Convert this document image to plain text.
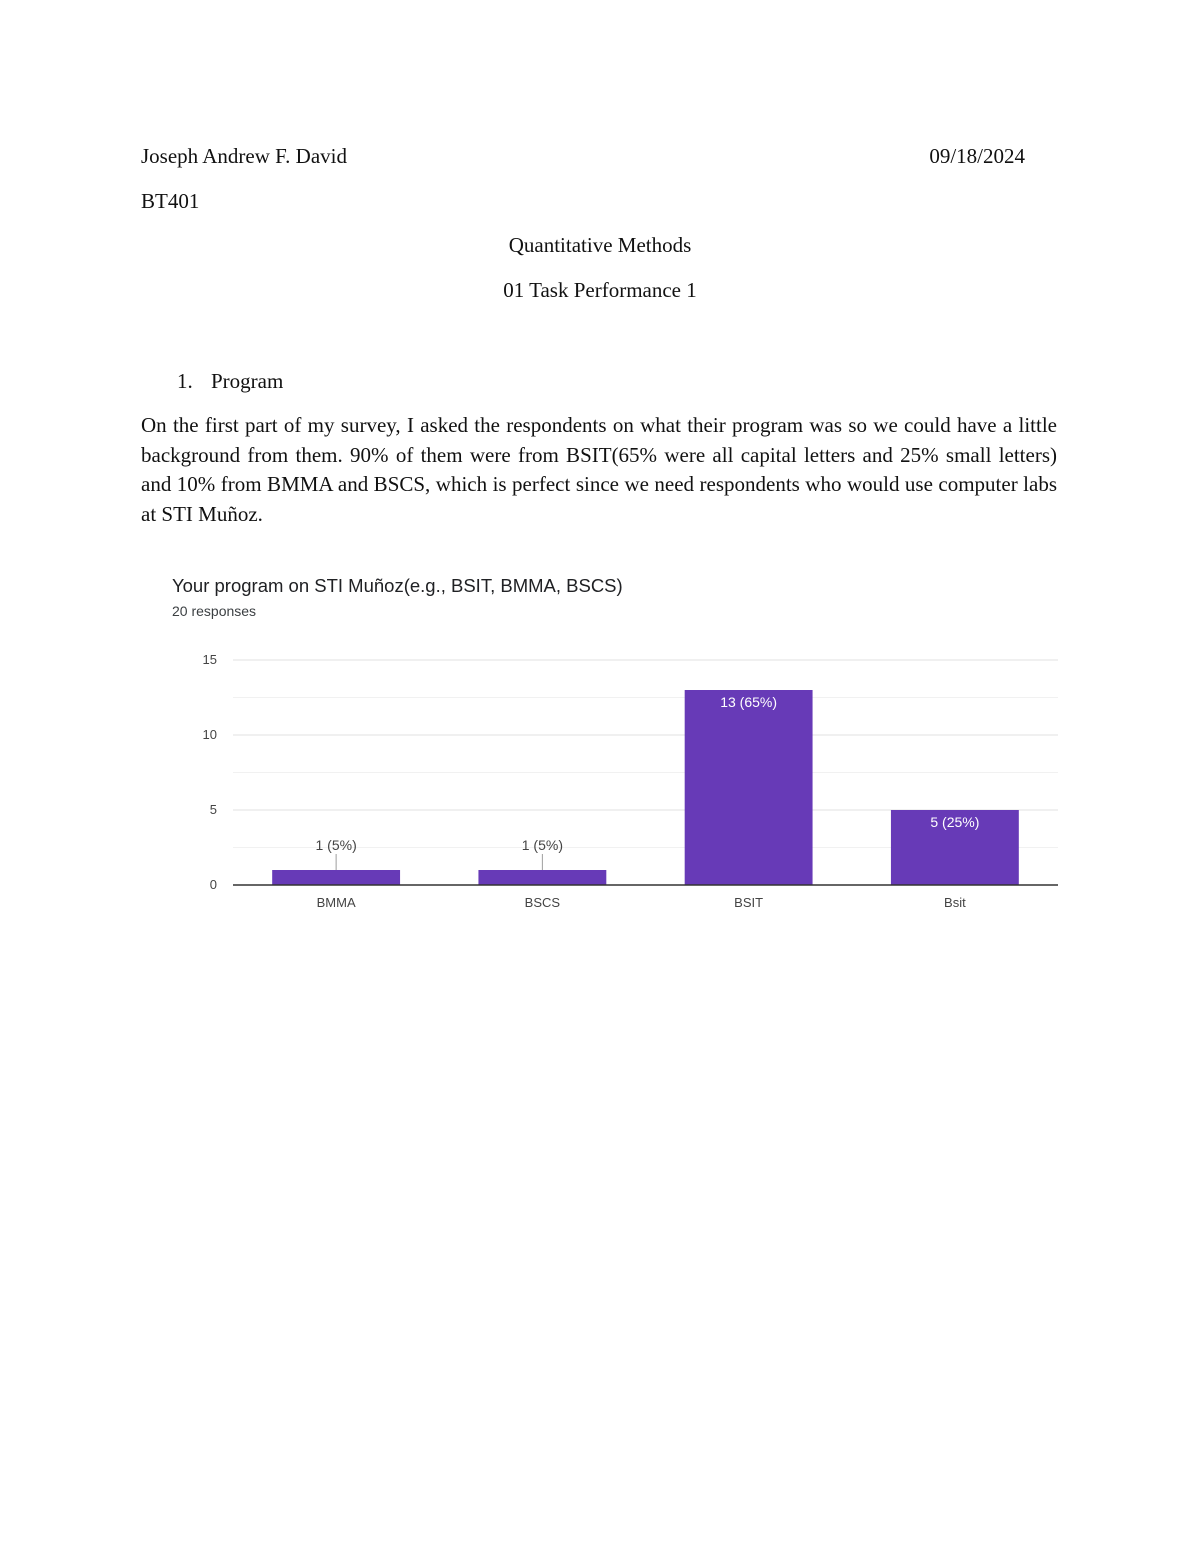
Joseph Andrew F. David	09/18/2024
BT401
Quantitative Methods
01 Task Performance 1
1. Program
On the first part of my survey, I asked the respondents on what their program was so we could have a little background from them. 90% of them were from BSIT(65% were all capital letters and 25% small letters) and 10% from BMMA and BSCS, which is perfect since we need respondents who would use computer labs at STI Muñoz.
Your program on STI Muñoz(e.g., BSIT, BMMA, BSCS)
20 responses
0
5
10
15
1 (5%)
BMMA
1 (5%)
BSCS
13 (65%)
BSIT
5 (25%)
Bsit
